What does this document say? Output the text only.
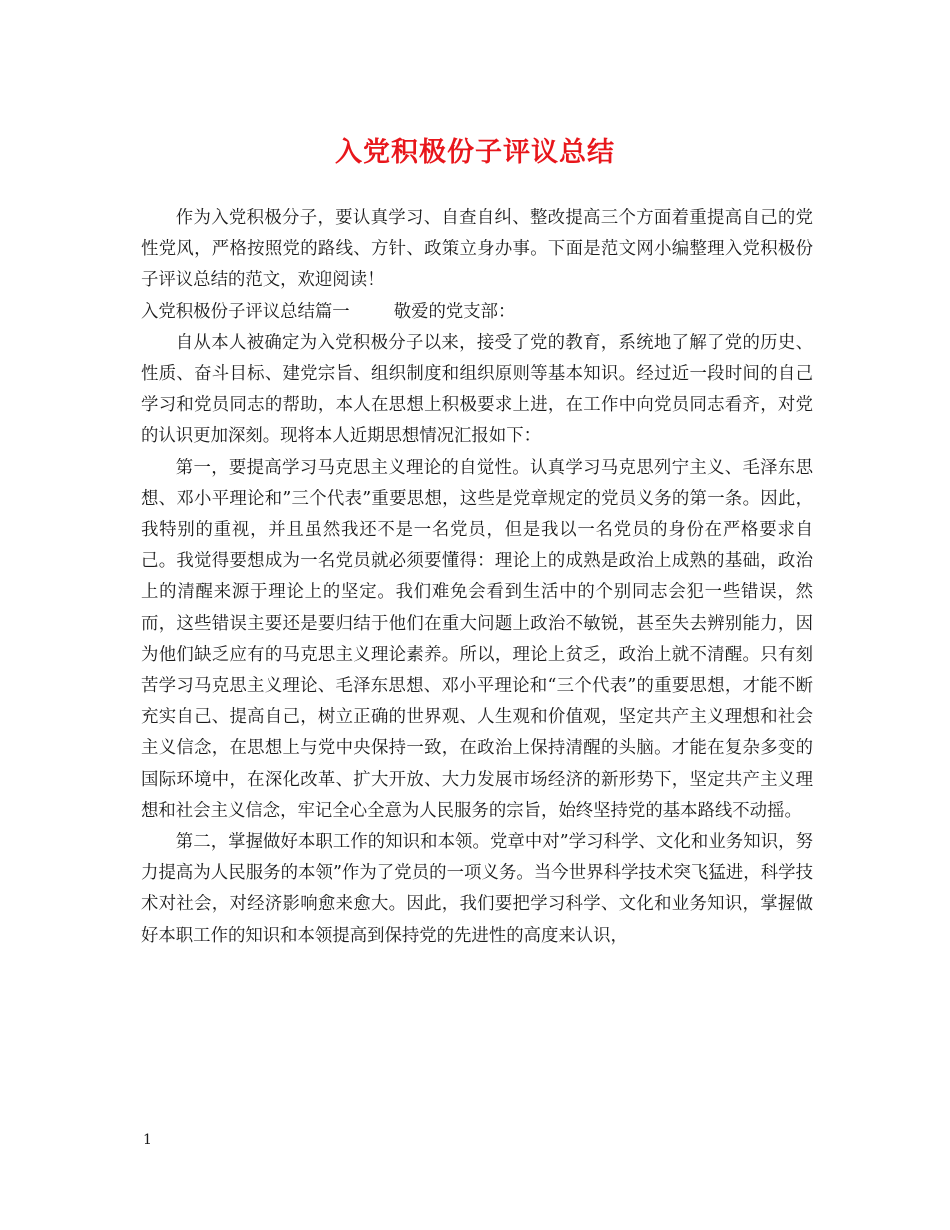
入党积极份子评议总结

作为入党积极分子，要认真学习、自查自纠、整改提高三个方面着重提高自己的党性党风，严格按照党的路线、方针、政策立身办事。下面是范文网小编整理入党积极份子评议总结的范文，欢迎阅读！

入党积极份子评议总结篇一	敬爱的党支部：

自从本人被确定为入党积极分子以来，接受了党的教育，系统地了解了党的历史、性质、奋斗目标、建党宗旨、组织制度和组织原则等基本知识。经过近一段时间的自己学习和党员同志的帮助，本人在思想上积极要求上进，在工作中向党员同志看齐，对党的认识更加深刻。现将本人近期思想情况汇报如下：

第一，要提高学习马克思主义理论的自觉性。认真学习马克思列宁主义、毛泽东思想、邓小平理论和”三个代表”重要思想，这些是党章规定的党员义务的第一条。因此，我特别的重视，并且虽然我还不是一名党员，但是我以一名党员的身份在严格要求自己。我觉得要想成为一名党员就必须要懂得：理论上的成熟是政治上成熟的基础，政治上的清醒来源于理论上的坚定。我们难免会看到生活中的个别同志会犯一些错误，然而，这些错误主要还是要归结于他们在重大问题上政治不敏锐，甚至失去辨别能力，因为他们缺乏应有的马克思主义理论素养。所以，理论上贫乏，政治上就不清醒。只有刻苦学习马克思主义理论、毛泽东思想、邓小平理论和“三个代表”的重要思想，才能不断充实自己、提高自己，树立正确的世界观、人生观和价值观，坚定共产主义理想和社会主义信念，在思想上与党中央保持一致，在政治上保持清醒的头脑。才能在复杂多变的国际环境中，在深化改革、扩大开放、大力发展市场经济的新形势下，坚定共产主义理想和社会主义信念，牢记全心全意为人民服务的宗旨，始终坚持党的基本路线不动摇。

第二，掌握做好本职工作的知识和本领。党章中对”学习科学、文化和业务知识，努力提高为人民服务的本领”作为了党员的一项义务。当今世界科学技术突飞猛进，科学技术对社会，对经济影响愈来愈大。因此，我们要把学习科学、文化和业务知识，掌握做好本职工作的知识和本领提高到保持党的先进性的高度来认识，

1
